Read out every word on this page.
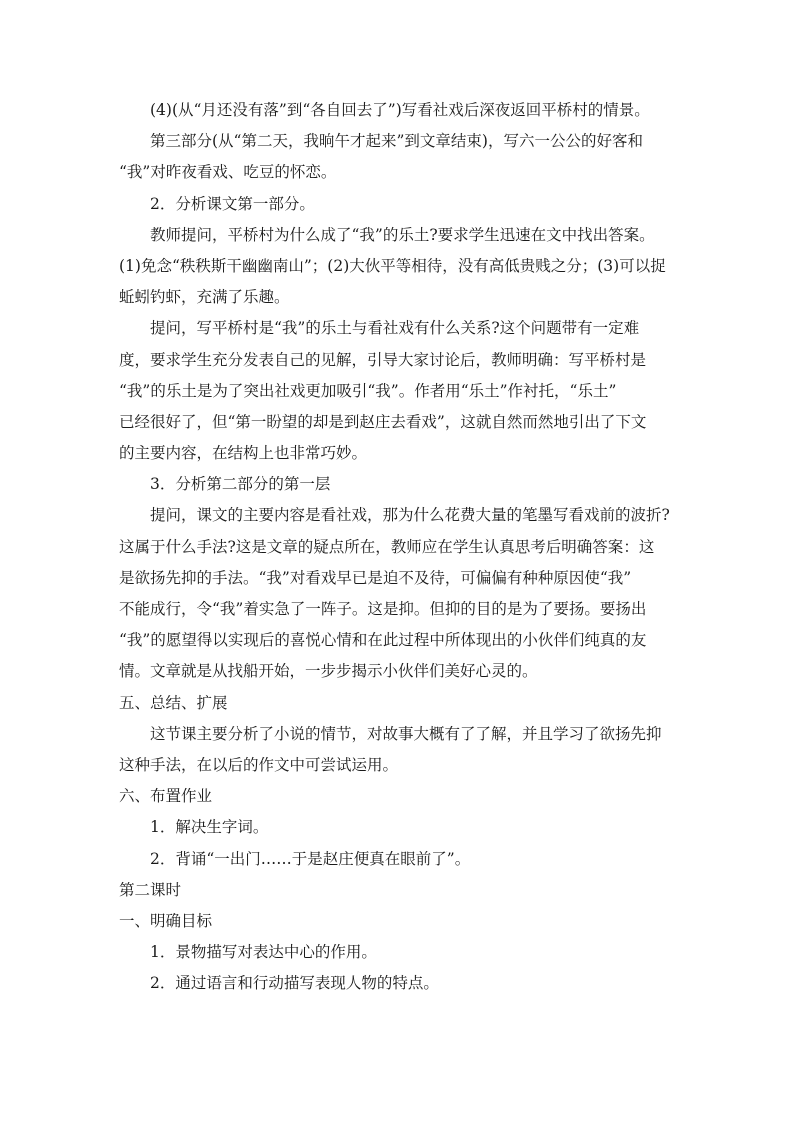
(4)(从“月还没有落”到“各自回去了”)写看社戏后深夜返回平桥村的情景。
第三部分(从“第二天，我晌午才起来”到文章结束)，写六一公公的好客和
“我”对昨夜看戏、吃豆的怀恋。
2．分析课文第一部分。
教师提问，平桥村为什么成了“我”的乐土?要求学生迅速在文中找出答案。
(1)免念“秩秩斯干幽幽南山”；(2)大伙平等相待，没有高低贵贱之分；(3)可以捉
蚯蚓钓虾，充满了乐趣。
提问，写平桥村是“我”的乐土与看社戏有什么关系?这个问题带有一定难
度，要求学生充分发表自己的见解，引导大家讨论后，教师明确：写平桥村是
“我”的乐土是为了突出社戏更加吸引“我”。作者用“乐土”作衬托，“乐土”
已经很好了，但“第一盼望的却是到赵庄去看戏”，这就自然而然地引出了下文
的主要内容，在结构上也非常巧妙。
3．分析第二部分的第一层
提问，课文的主要内容是看社戏，那为什么花费大量的笔墨写看戏前的波折?
这属于什么手法?这是文章的疑点所在，教师应在学生认真思考后明确答案：这
是欲扬先抑的手法。“我”对看戏早已是迫不及待，可偏偏有种种原因使“我”
不能成行，令“我”着实急了一阵子。这是抑。但抑的目的是为了要扬。要扬出
“我”的愿望得以实现后的喜悦心情和在此过程中所体现出的小伙伴们纯真的友
情。文章就是从找船开始，一步步揭示小伙伴们美好心灵的。
五、总结、扩展
这节课主要分析了小说的情节，对故事大概有了了解，并且学习了欲扬先抑
这种手法，在以后的作文中可尝试运用。
六、布置作业
1．解决生字词。
2．背诵“一出门……于是赵庄便真在眼前了”。
第二课时
一、明确目标
1．景物描写对表达中心的作用。
2．通过语言和行动描写表现人物的特点。
